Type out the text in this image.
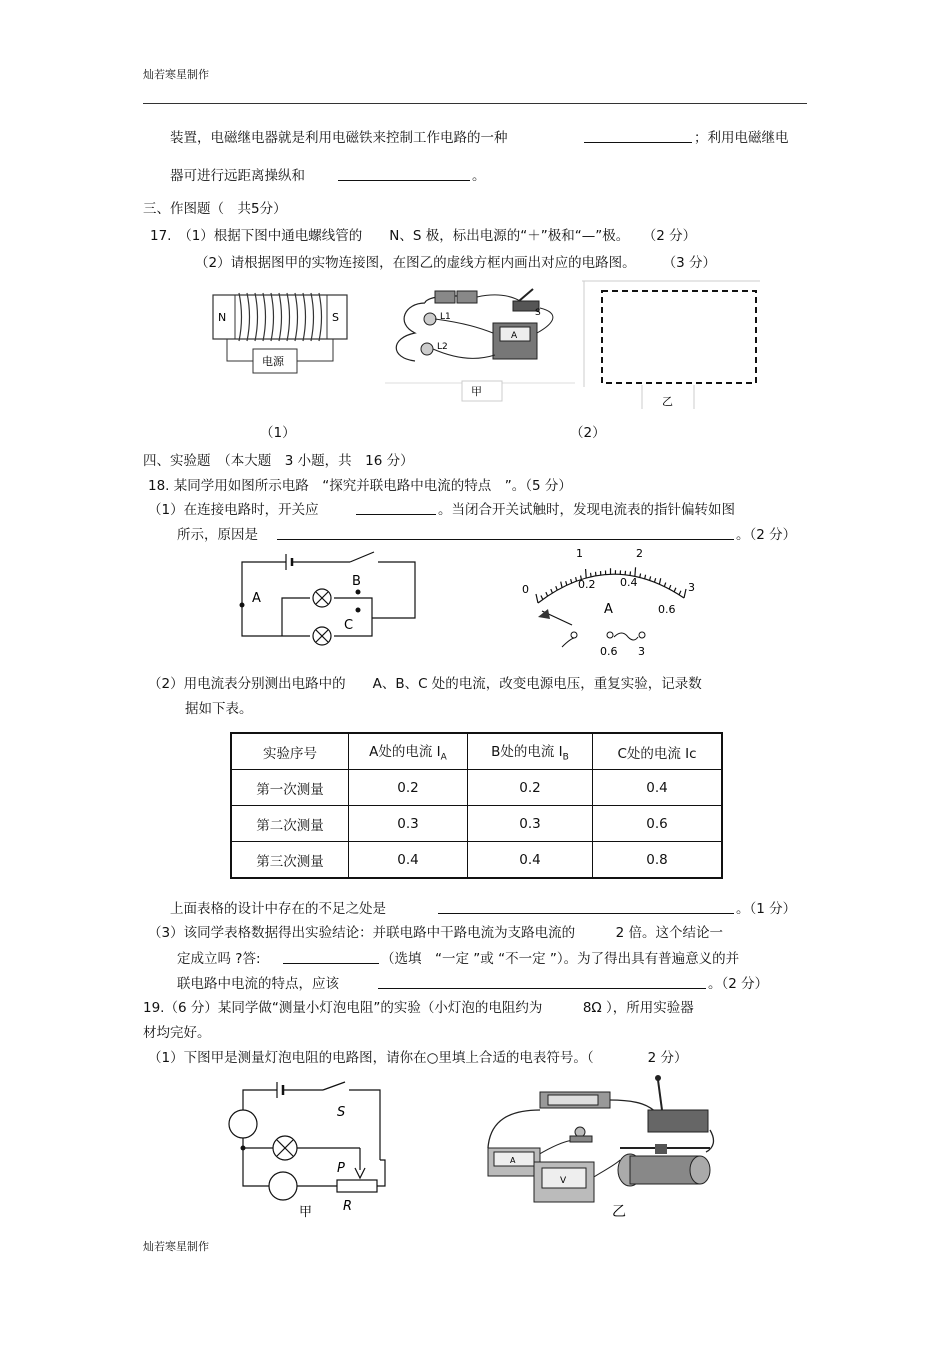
灿若寒星制作
装置，电磁继电器就是利用电磁铁来控制工作电路的一种	；利用电磁继电
器可进行远距离操纵和	。
三、作图题（　共5分）
17.　（1）根据下图中通电螺线管的　　N、S 极，标出电源的“＋”极和“—”极。　　（2 分）
（2）请根据图甲的实物连接图，在图乙的虚线方框内画出对应的电路图。　　　（3 分）
N	S
电源
S
L1
L2
A
甲
乙
（1）	（2）
四、实验题　（本大题　3 小题，共　16 分）
18. 某同学用如图所示电路　“探究并联电路中电流的特点　”。（5 分）
（1）在连接电路时，开关应	。当闭合开关试触时，发现电流表的指针偏转如图
所示，原因是	。（2 分）
A
B
C
0
1	2
3
0.2 0.4
0.6
A
0.6 3
（2）用电流表分别测出电路中的　　A、B、C 处的电流，改变电源电压，重复实验，记录数
据如下表。
实验序号	A处的电流 $I_A$	B处的电流 $I_B$	C处的电流 Ic
第一次测量	0.2	0.2	0.4
第二次测量	0.3	0.3	0.6
第三次测量	0.4	0.4	0.8
上面表格的设计中存在的不足之处是	。（1 分）
（3）该同学表格数据得出实验结论：并联电路中干路电流为支路电流的　　　2 倍。这个结论一
定成立吗 ?答:	（选填　“一定 ”或 “不一定 ”）。为了得出具有普遍意义的并
联电路中电流的特点，应该	。（2 分）
19.（6 分）某同学做“测量小灯泡电阻”的实验（小灯泡的电阻约为　　　8Ω ），所用实验器
材均完好。
（1）下图甲是测量灯泡电阻的电路图，请你在○里填上合适的电表符号。（　　　　2 分）
S
P
R
甲
A
V
乙
灿若寒星制作
